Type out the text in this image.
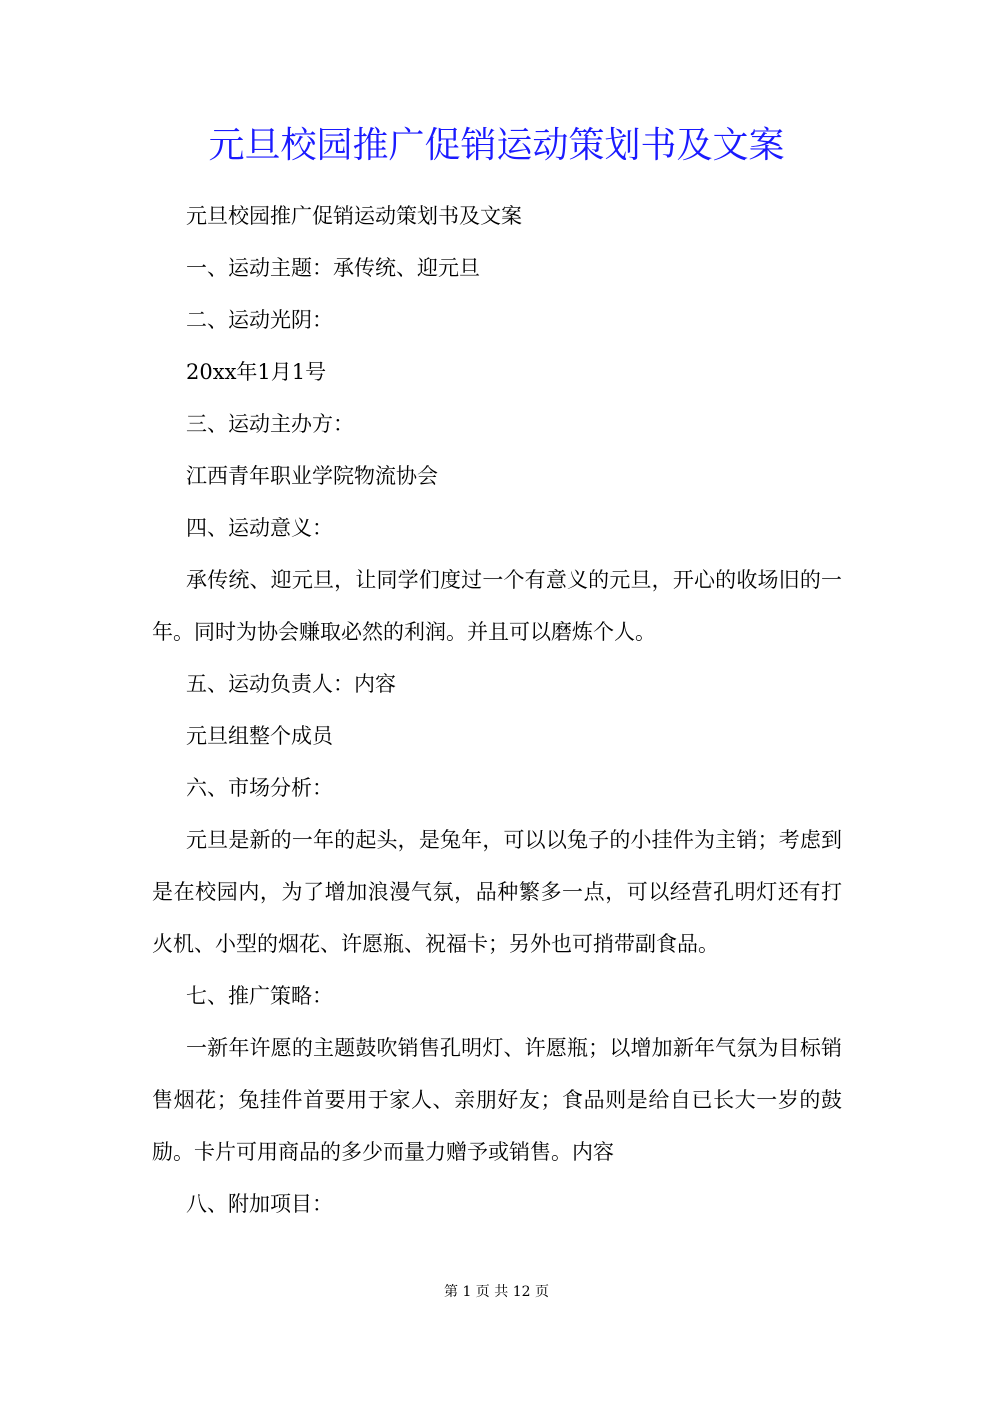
元旦校园推广促销运动策划书及文案

元旦校园推广促销运动策划书及文案

一、运动主题：承传统、迎元旦

二、运动光阴：

20xx年1月1号

三、运动主办方：

江西青年职业学院物流协会

四、运动意义：

承传统、迎元旦，让同学们度过一个有意义的元旦，开心的收场旧的一年。同时为协会赚取必然的利润。并且可以磨炼个人。

五、运动负责人：内容

元旦组整个成员

六、市场分析：

元旦是新的一年的起头，是兔年，可以以兔子的小挂件为主销；考虑到是在校园内，为了增加浪漫气氛，品种繁多一点，可以经营孔明灯还有打火机、小型的烟花、许愿瓶、祝福卡；另外也可捎带副食品。

七、推广策略：

一新年许愿的主题鼓吹销售孔明灯、许愿瓶；以增加新年气氛为目标销售烟花；兔挂件首要用于家人、亲朋好友；食品则是给自已长大一岁的鼓励。卡片可用商品的多少而量力赠予或销售。内容

八、附加项目：

第 1 页 共 12 页
